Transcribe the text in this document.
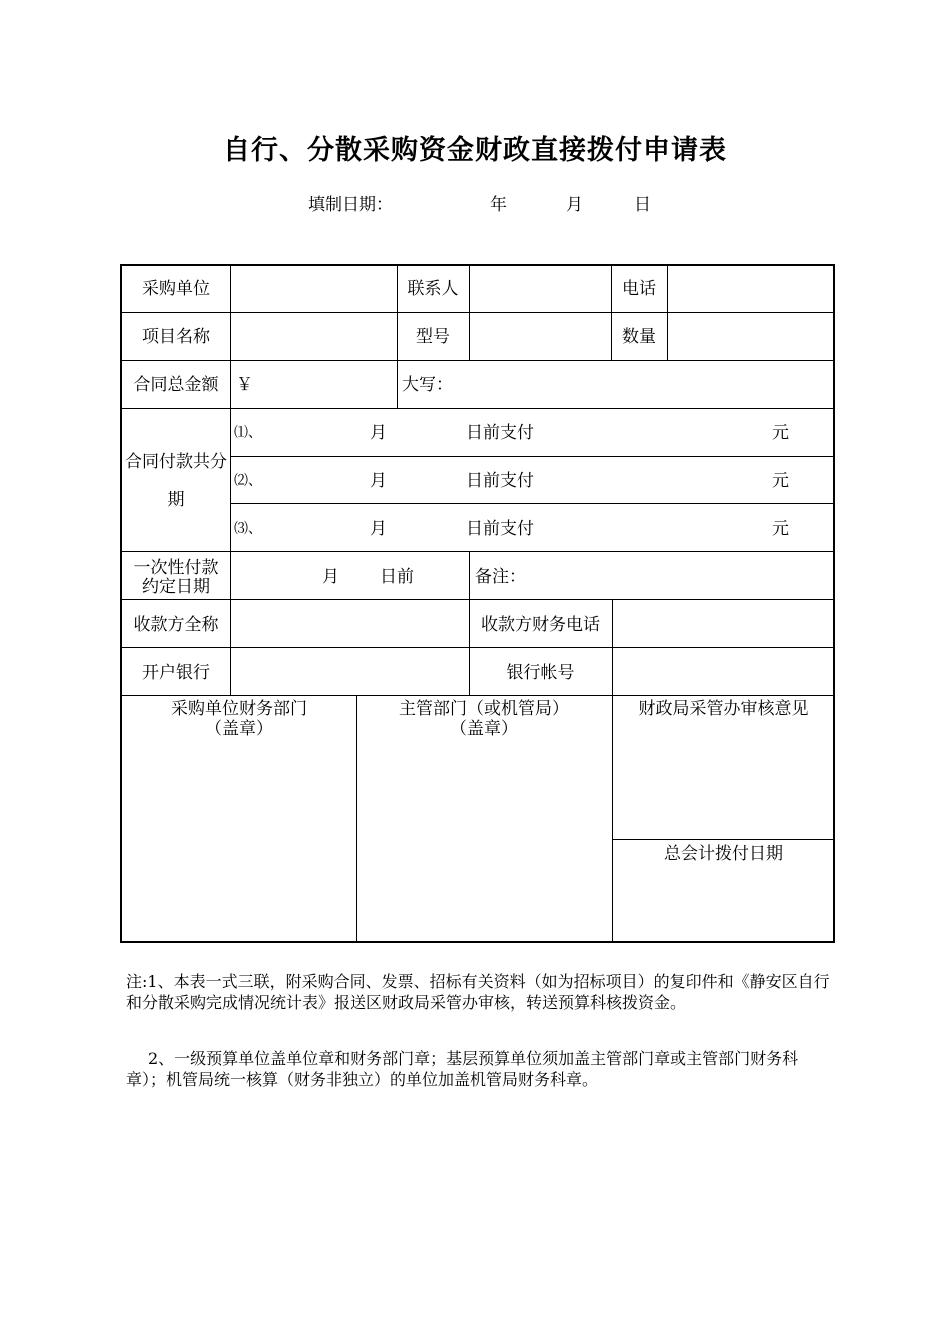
自行、分散采购资金财政直接拨付申请表
填制日期：	年	月	日
采购单位	联系人	电话
项目名称	型号	数量
合同总金额	￥	大写：
合同付款共分
期
⑴、	月	日前支付	元
⑵、	月	日前支付	元
⑶、	月	日前支付	元
一次性付款
约定日期	月 日前	备注：
收款方全称	收款方财务电话
开户银行	银行帐号
采购单位财务部门
（盖章）
主管部门（或机管局）
（盖章）
财政局采管办审核意见
总会计拨付日期
注:1、本表一式三联，附采购合同、发票、招标有关资料（如为招标项目）的复印件和《静安区自行和分散采购完成情况统计表》报送区财政局采管办审核，转送预算科核拨资金。
2、一级预算单位盖单位章和财务部门章；基层预算单位须加盖主管部门章或主管部门财务科章）；机管局统一核算（财务非独立）的单位加盖机管局财务科章。
